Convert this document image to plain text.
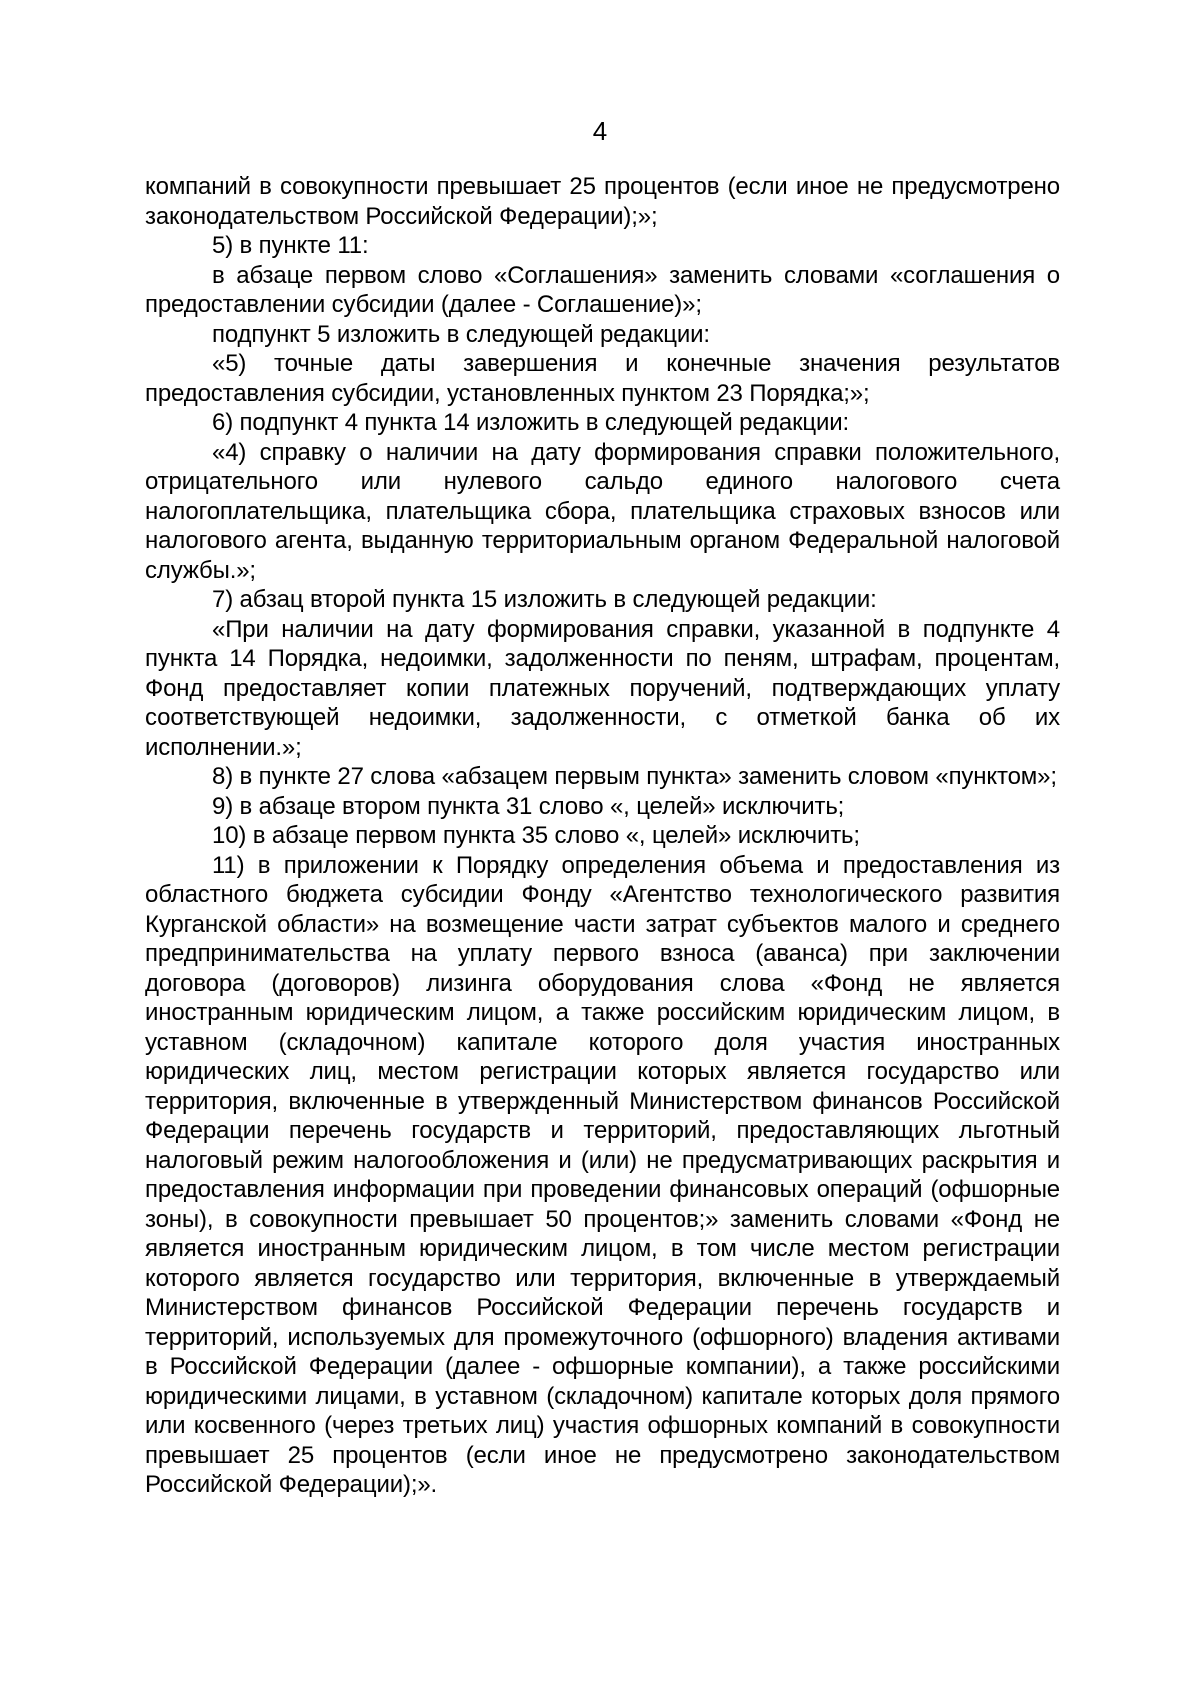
4

компаний в совокупности превышает 25 процентов (если иное не предусмотрено законодательством Российской Федерации);»;

5) в пункте 11:

в абзаце первом слово «Соглашения» заменить словами «соглашения о предоставлении субсидии (далее - Соглашение)»;

подпункт 5 изложить в следующей редакции:

«5) точные даты завершения и конечные значения результатов предоставления субсидии, установленных пунктом 23 Порядка;»;

6) подпункт 4 пункта 14 изложить в следующей редакции:

«4) справку о наличии на дату формирования справки положительного, отрицательного или нулевого сальдо единого налогового счета налогоплательщика, плательщика сбора, плательщика страховых взносов или налогового агента, выданную территориальным органом Федеральной налоговой службы.»;

7) абзац второй пункта 15 изложить в следующей редакции:

«При наличии на дату формирования справки, указанной в подпункте 4 пункта 14 Порядка, недоимки, задолженности по пеням, штрафам, процентам, Фонд предоставляет копии платежных поручений, подтверждающих уплату соответствующей недоимки, задолженности, с отметкой банка об их исполнении.»;

8) в пункте 27 слова «абзацем первым пункта» заменить словом «пунктом»;

9) в абзаце втором пункта 31 слово «, целей» исключить;

10) в абзаце первом пункта 35 слово «, целей» исключить;

11) в приложении к Порядку определения объема и предоставления из областного бюджета субсидии Фонду «Агентство технологического развития Курганской области» на возмещение части затрат субъектов малого и среднего предпринимательства на уплату первого взноса (аванса) при заключении договора (договоров) лизинга оборудования слова «Фонд не является иностранным юридическим лицом, а также российским юридическим лицом, в уставном (складочном) капитале которого доля участия иностранных юридических лиц, местом регистрации которых является государство или территория, включенные в утвержденный Министерством финансов Российской Федерации перечень государств и территорий, предоставляющих льготный налоговый режим налогообложения и (или) не предусматривающих раскрытия и предоставления информации при проведении финансовых операций (офшорные зоны), в совокупности превышает 50 процентов;» заменить словами «Фонд не является иностранным юридическим лицом, в том числе местом регистрации которого является государство или территория, включенные в утверждаемый Министерством финансов Российской Федерации перечень государств и территорий, используемых для промежуточного (офшорного) владения активами в Российской Федерации (далее - офшорные компании), а также российскими юридическими лицами, в уставном (складочном) капитале которых доля прямого или косвенного (через третьих лиц) участия офшорных компаний в совокупности превышает 25 процентов (если иное не предусмотрено законодательством Российской Федерации);».
